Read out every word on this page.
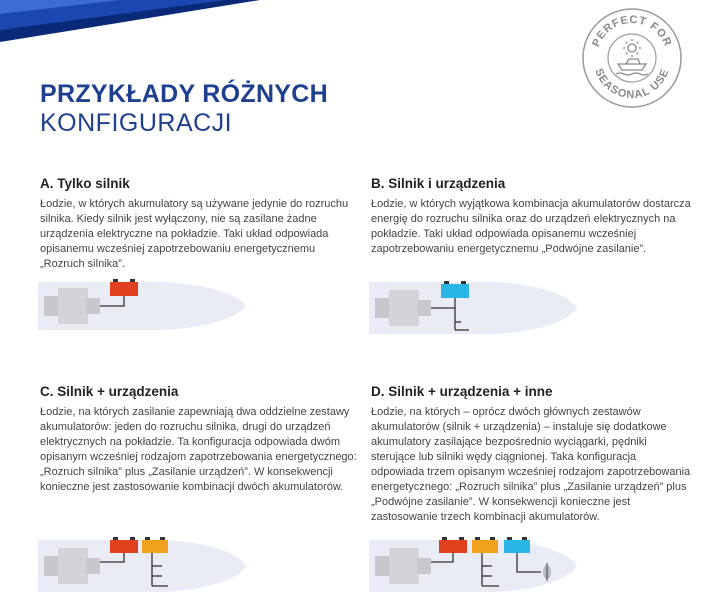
PERFECT FOR
SEASONAL USE
PRZYKŁADY RÓŻNYCH
KONFIGURACJI
A. Tylko silnik

Łodzie, w których akumulatory są używane jedynie do rozruchu silnika. Kiedy silnik jest wyłączony, nie są zasilane żadne urządzenia elektryczne na pokładzie. Taki układ odpowiada opisanemu wcześniej zapotrzebowaniu energetycznemu „Rozruch silnika”.

B. Silnik i urządzenia

Łodzie, w których wyjątkowa kombinacja akumulatorów dostarcza energię do rozruchu silnika oraz do urządzeń elektrycznych na pokładzie. Taki układ odpowiada opisanemu wcześniej zapotrzebowaniu energetycznemu „Podwójne zasilanie”.

C. Silnik + urządzenia

Łodzie, na których zasilanie zapewniają dwa oddzielne zestawy akumulatorów: jeden do rozruchu silnika, drugi do urządzeń elektrycznych na pokładzie. Ta konfiguracja odpowiada dwóm opisanym wcześniej rodzajom zapotrzebowania energetycznego: „Rozruch silnika” plus „Zasilanie urządzeń”. W konsekwencji konieczne jest zastosowanie kombinacji dwóch akumulatorów.

D. Silnik + urządzenia + inne

Łodzie, na których – oprócz dwóch głównych zestawów akumulatorów (silnik + urządzenia) – instaluje się dodatkowe akumulatory zasilające bezpośrednio wyciągarki, pędniki sterujące lub silniki wędy ciągnionej. Taka konfiguracja odpowiada trzem opisanym wcześniej rodzajom zapotrzebowania energetycznego: „Rozruch silnika” plus „Zasilanie urządzeń” plus „Podwójne zasilanie”. W konsekwencji konieczne jest zastosowanie trzech kombinacji akumulatorów.
